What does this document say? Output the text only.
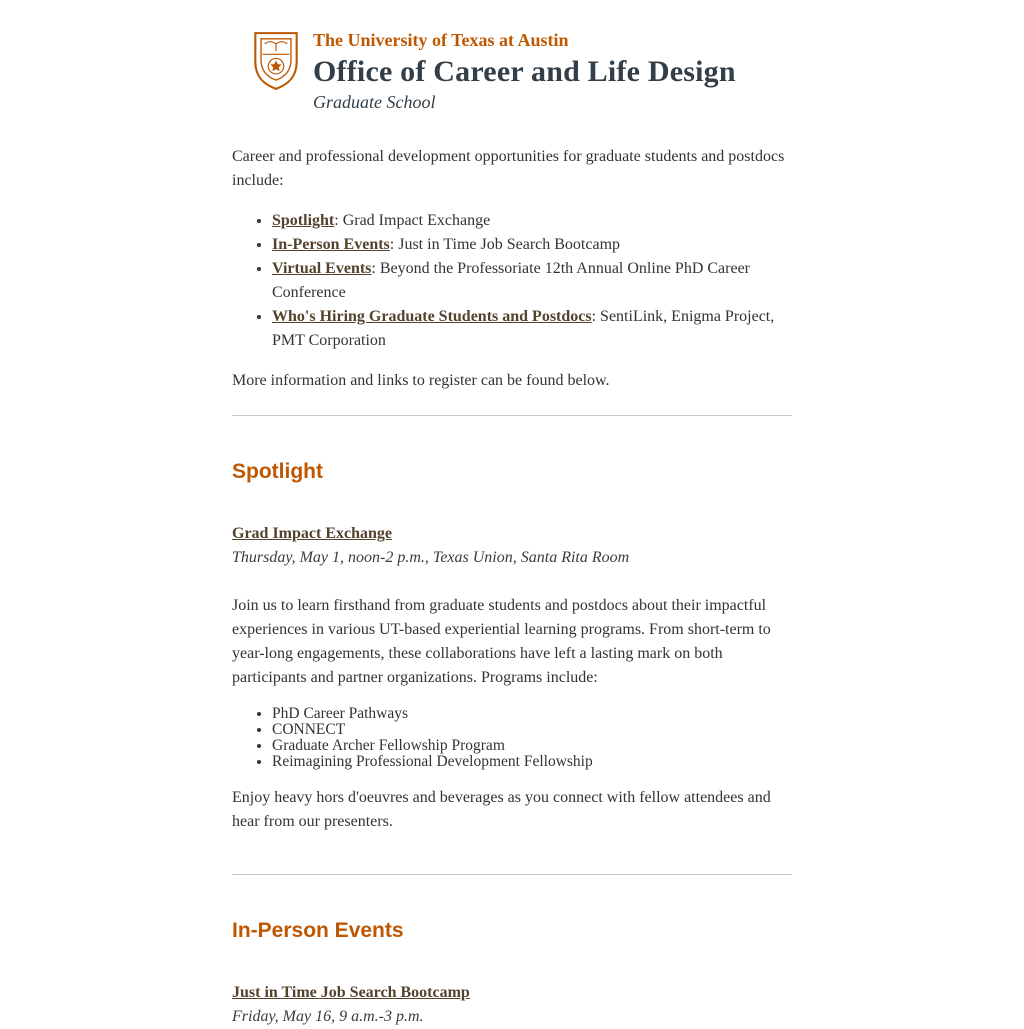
The University of Texas at Austin
Office of Career and Life Design
Graduate School

Career and professional development opportunities for graduate students and postdocs include:

• Spotlight: Grad Impact Exchange
• In-Person Events: Just in Time Job Search Bootcamp
• Virtual Events: Beyond the Professoriate 12th Annual Online PhD Career Conference
• Who's Hiring Graduate Students and Postdocs: SentiLink, Enigma Project, PMT Corporation

More information and links to register can be found below.

Spotlight
Grad Impact Exchange
Thursday, May 1, noon-2 p.m., Texas Union, Santa Rita Room

Join us to learn firsthand from graduate students and postdocs about their impactful experiences in various UT-based experiential learning programs. From short-term to year-long engagements, these collaborations have left a lasting mark on both participants and partner organizations. Programs include:

• PhD Career Pathways
• CONNECT
• Graduate Archer Fellowship Program
• Reimagining Professional Development Fellowship

Enjoy heavy hors d'oeuvres and beverages as you connect with fellow attendees and hear from our presenters.

In-Person Events
Just in Time Job Search Bootcamp
Friday, May 16, 9 a.m.-3 p.m.
